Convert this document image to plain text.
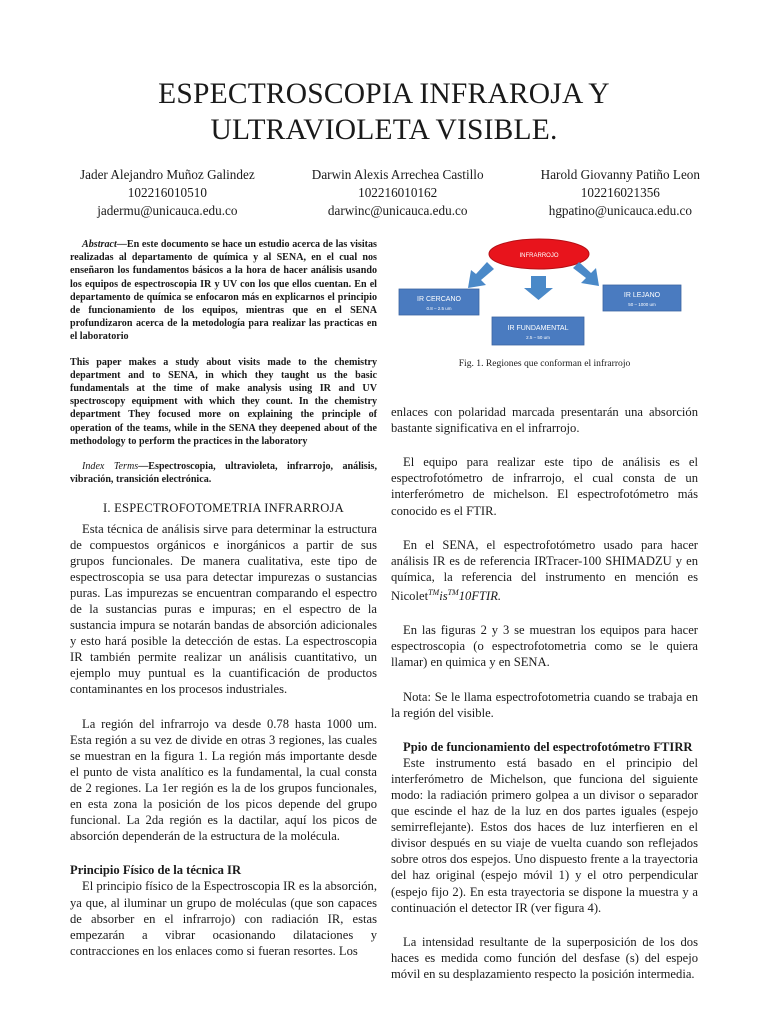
ESPECTROSCOPIA INFRAROJA Y
ULTRAVIOLETA VISIBLE.
Jader Alejandro Muñoz Galindez
102216010510
jadermu@unicauca.edu.co
Darwin Alexis Arrechea Castillo
102216010162
darwinc@unicauca.edu.co
Harold Giovanny Patiño Leon
102216021356
hgpatino@unicauca.edu.co

Abstract—En este documento se hace un estudio acerca de las visitas realizadas al departamento de química y al SENA, en el cual nos enseñaron los fundamentos básicos a la hora de hacer análisis usando los equipos de espectroscopia IR y UV con los que ellos cuentan. En el departamento de química se enfocaron más en explicarnos el principio de funcionamiento de los equipos, mientras que en el SENA profundizaron acerca de la metodología para realizar las practicas en el laboratorio

This paper makes a study about visits made to the chemistry department and to SENA, in which they taught us the basic fundamentals at the time of make analysis using IR and UV spectroscopy equipment with which they count. In the chemistry department They focused more on explaining the principle of operation of the teams, while in the SENA they deepened about of the methodology to perform the practices in the laboratory

Index Terms—Espectroscopia, ultravioleta, infrarrojo, análisis, vibración, transición electrónica.

I. ESPECTROFOTOMETRIA INFRARROJA

Esta técnica de análisis sirve para determinar la estructura de compuestos orgánicos e inorgánicos a partir de sus grupos funcionales. De manera cualitativa, este tipo de espectroscopia se usa para detectar impurezas o sustancias puras. Las impurezas se encuentran comparando el espectro de la sustancias puras e impuras; en el espectro de la sustancia impura se notarán bandas de absorción adicionales y esto hará posible la detección de estas. La espectroscopia IR también permite realizar un análisis cuantitativo, un ejemplo muy puntual es la cuantificación de productos contaminantes en los procesos industriales.

La región del infrarrojo va desde 0.78 hasta 1000 um. Esta región a su vez de divide en otras 3 regiones, las cuales se muestran en la figura 1. La región más importante desde el punto de vista analítico es la fundamental, la cual consta de 2 regiones. La 1er región es la de los grupos funcionales, en esta zona la posición de los picos depende del grupo funcional. La 2da región es la dactilar, aquí los picos de absorción dependerán de la estructura de la molécula.

Principio Físico de la técnica IR

El principio físico de la Espectroscopia IR es la absorción, ya que, al iluminar un grupo de moléculas (que son capaces de absorber en el infrarrojo) con radiación IR, estas empezarán a vibrar ocasionando dilataciones y contracciones en los enlaces como si fueran resortes. Los

INFRARROJO
IR CERCANO
0.8 – 2.5 um
IR LEJANO
50 – 1000 um
IR FUNDAMENTAL
2.5 – 50 um
Fig. 1. Regiones que conforman el infrarrojo

enlaces con polaridad marcada presentarán una absorción bastante significativa en el infrarrojo.

El equipo para realizar este tipo de análisis es el espectrofotómetro de infrarrojo, el cual consta de un interferómetro de michelson. El espectrofotómetro más conocido es el FTIR.

En el SENA, el espectrofotómetro usado para hacer análisis IR es de referencia IRTracer-100 SHIMADZU y en química, la referencia del instrumento en mención es Nicolet™is™10FTIR.

En las figuras 2 y 3 se muestran los equipos para hacer espectroscopia (o espectrofotometria como se le quiera llamar) en quimica y en SENA.

Nota: Se le llama espectrofotometria cuando se trabaja en la región del visible.

Ppio de funcionamiento del espectrofotómetro FTIRR

Este instrumento está basado en el principio del interferómetro de Michelson, que funciona del siguiente modo: la radiación primero golpea a un divisor o separador que escinde el haz de la luz en dos partes iguales (espejo semirreflejante). Estos dos haces de luz interfieren en el divisor después en su viaje de vuelta cuando son reflejados sobre otros dos espejos. Uno dispuesto frente a la trayectoria del haz original (espejo móvil 1) y el otro perpendicular (espejo fijo 2). En esta trayectoria se dispone la muestra y a continuación el detector IR (ver figura 4).

La intensidad resultante de la superposición de los dos haces es medida como función del desfase (s) del espejo móvil en su desplazamiento respecto la posición intermedia.
